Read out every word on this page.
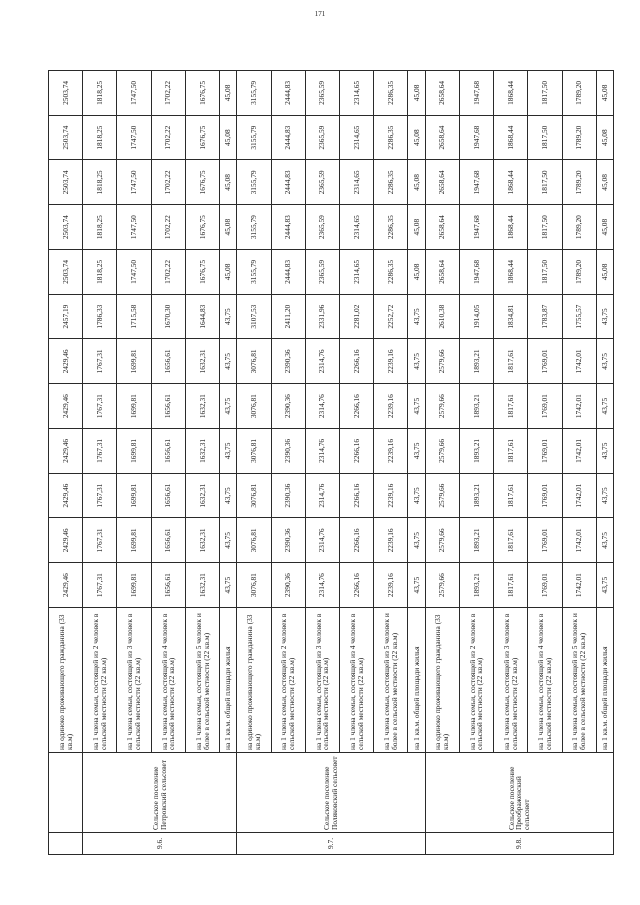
171
		на одиноко проживающего гражданина (33 кв.м)	2429,46	2429,46	2429,46	2429,46	2429,46	2429,46	2457,19	2503,74	2503,74	2503,74	2503,74	2503,74
9.6.	Сельское поселение Петровский сельсовет	на 1 члена семьи, состоящей из 2 человек в сельской местности (22 кв.м)	1767,31	1767,31	1767,31	1767,31	1767,31	1767,31	1786,33	1818,25	1818,25	1818,25	1818,25	1818,25
		на 1 члена семьи, состоящей из 3 человек в сельской местности (22 кв.м)	1699,81	1699,81	1699,81	1699,81	1699,81	1699,81	1715,58	1747,50	1747,50	1747,50	1747,50	1747,50
		на 1 члена семьи, состоящей из 4 человек в сельской местности (22 кв.м)	1656,61	1656,61	1656,61	1656,61	1656,61	1656,61	1670,30	1702,22	1702,22	1702,22	1702,22	1702,22
		на 1 члена семьи, состоящей из 5 человек и более в сельской местности (22 кв.м)	1632,31	1632,31	1632,31	1632,31	1632,31	1632,31	1644,83	1676,75	1676,75	1676,75	1676,75	1676,75
		на 1 кв.м. общей площади жилья	43,75	43,75	43,75	43,75	43,75	43,75	43,75	45,08	45,08	45,08	45,08	45,08
9.7.	Сельское поселение Поляковский сельсовет	на одиноко проживающего гражданина (33 кв.м)	3076,81	3076,81	3076,81	3076,81	3076,81	3076,81	3107,53	3155,79	3155,79	3155,79	3155,79	3155,79
		на 1 члена семьи, состоящей из 2 человек в сельской местности (22 кв.м)	2390,36	2390,36	2390,36	2390,36	2390,36	2390,36	2411,20	2444,83	2444,83	2444,83	2444,83	2444,83
		на 1 члена семьи, состоящей из 3 человек в сельской местности (22 кв.м)	2314,76	2314,76	2314,76	2314,76	2314,76	2314,76	2331,96	2365,59	2365,59	2365,59	2365,59	2365,59
		на 1 члена семьи, состоящей из 4 человек в сельской местности (22 кв.м)	2266,16	2266,16	2266,16	2266,16	2266,16	2266,16	2281,02	2314,65	2314,65	2314,65	2314,65	2314,65
		на 1 члена семьи, состоящей из 5 человек и более в сельской местности (22 кв.м)	2239,16	2239,16	2239,16	2239,16	2239,16	2239,16	2252,72	2286,35	2286,35	2286,35	2286,35	2286,35
		на 1 кв.м. общей площади жилья	43,75	43,75	43,75	43,75	43,75	43,75	43,75	45,08	45,08	45,08	45,08	45,08
9.8.	Сельское поселение Преображенский сельсовет	на одиноко проживающего гражданина (33 кв.м)	2579,66	2579,66	2579,66	2579,66	2579,66	2579,66	2610,38	2658,64	2658,64	2658,64	2658,64	2658,64
		на 1 члена семьи, состоящей из 2 человек в сельской местности (22 кв.м)	1893,21	1893,21	1893,21	1893,21	1893,21	1893,21	1914,05	1947,68	1947,68	1947,68	1947,68	1947,68
		на 1 члена семьи, состоящей из 3 человек в сельской местности (22 кв.м)	1817,61	1817,61	1817,61	1817,61	1817,61	1817,61	1834,81	1868,44	1868,44	1868,44	1868,44	1868,44
		на 1 члена семьи, состоящей из 4 человек в сельской местности (22 кв.м)	1769,01	1769,01	1769,01	1769,01	1769,01	1769,01	1783,87	1817,50	1817,50	1817,50	1817,50	1817,50
		на 1 члена семьи, состоящей из 5 человек и более в сельской местности (22 кв.м)	1742,01	1742,01	1742,01	1742,01	1742,01	1742,01	1755,57	1789,20	1789,20	1789,20	1789,20	1789,20
		на 1 кв.м. общей площади жилья	43,75	43,75	43,75	43,75	43,75	43,75	43,75	45,08	45,08	45,08	45,08	45,08
